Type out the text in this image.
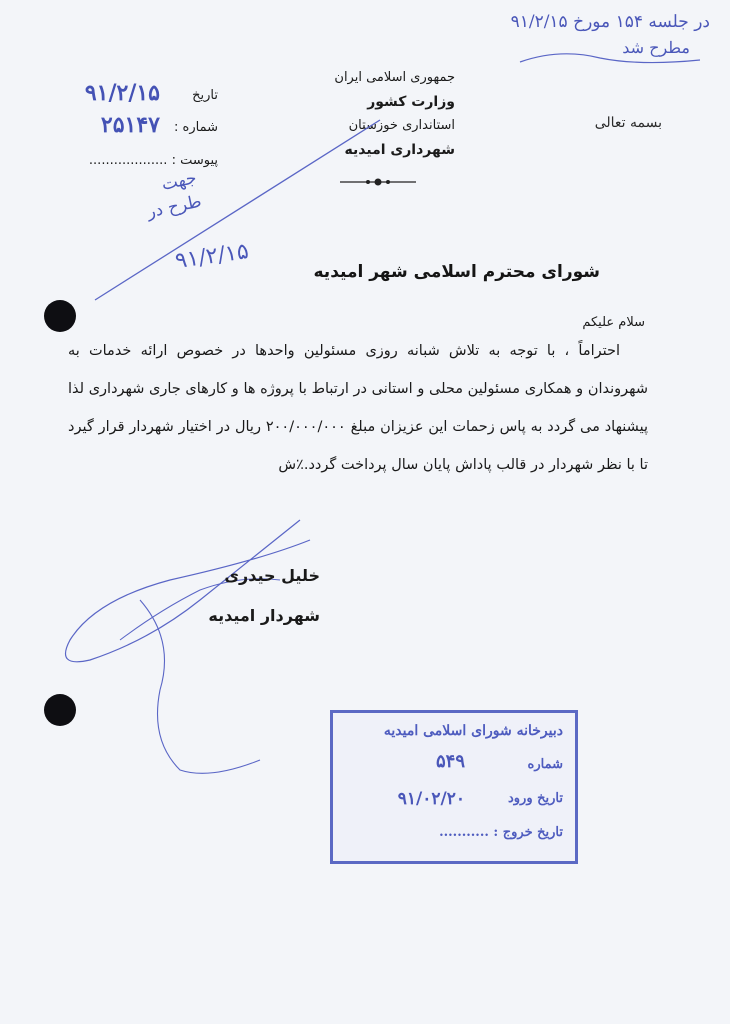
در جلسه ۱۵۴ مورخ ۹۱/۲/۱۵
مطرح شد
بسمه تعالی
جمهوری اسلامی ایران
وزارت کشور
استانداری خوزستان
شهرداری امیدیه
تاریخ
۹۱/۲/۱۵
شماره :
۲۵۱۴۷
پیوست : ...................
جهت
طرح در
۹۱/۲/۱۵	شورای محترم اسلامی شهر امیدیه
سلام علیکم

احتراماً ، با توجه به تلاش شبانه روزی مسئولین واحدها در خصوص ارائه خدمات به شهروندان و همکاری مسئولین محلی و استانی در ارتباط با پروژه ها و کارهای جاری شهرداری لذا پیشنهاد می گردد به پاس زحمات این عزیزان مبلغ ۲۰۰/۰۰۰/۰۰۰ ریال در اختیار شهردار قرار گیرد تا با نظر شهردار در قالب پاداش پایان سال پرداخت گردد.٪ش

خلیل حیدری
شهردار امیدیه
دبیرخانه شورای اسلامی امیدیه
شماره
۵۴۹
تاریخ ورود
۹۱/۰۲/۲۰
تاریخ خروج : ...........
